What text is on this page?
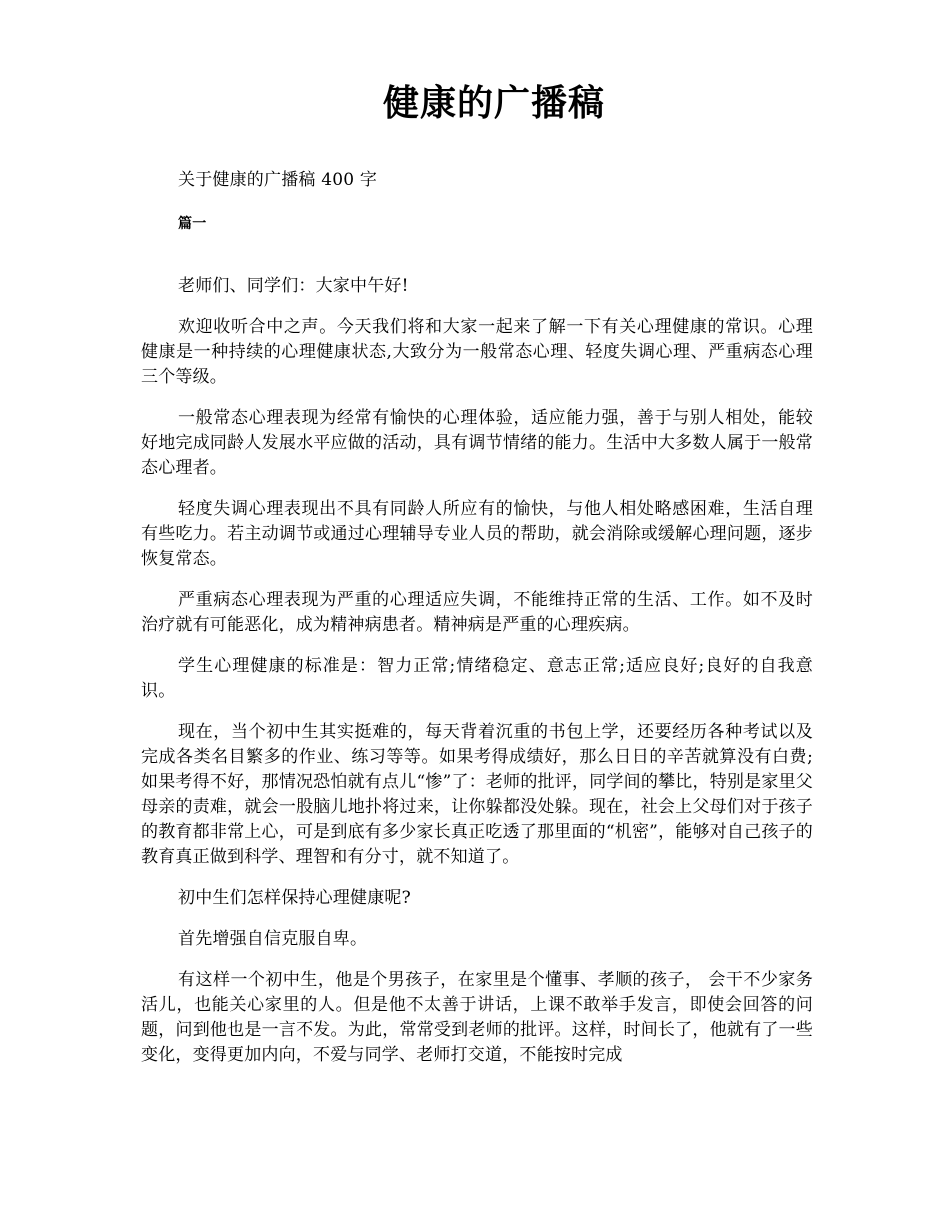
健康的广播稿

关于健康的广播稿 400 字

篇一

老师们、同学们：大家中午好!

欢迎收听合中之声。今天我们将和大家一起来了解一下有关心理健康的常识。心理健康是一种持续的心理健康状态,大致分为一般常态心理、轻度失调心理、严重病态心理三个等级。

一般常态心理表现为经常有愉快的心理体验，适应能力强，善于与别人相处，能较好地完成同龄人发展水平应做的活动，具有调节情绪的能力。生活中大多数人属于一般常态心理者。

轻度失调心理表现出不具有同龄人所应有的愉快，与他人相处略感困难，生活自理有些吃力。若主动调节或通过心理辅导专业人员的帮助，就会消除或缓解心理问题，逐步恢复常态。

严重病态心理表现为严重的心理适应失调，不能维持正常的生活、工作。如不及时治疗就有可能恶化，成为精神病患者。精神病是严重的心理疾病。

学生心理健康的标准是：智力正常;情绪稳定、意志正常;适应良好;良好的自我意识。

现在，当个初中生其实挺难的，每天背着沉重的书包上学，还要经历各种考试以及完成各类名目繁多的作业、练习等等。如果考得成绩好，那么日日的辛苦就算没有白费;如果考得不好，那情况恐怕就有点儿“惨”了：老师的批评，同学间的攀比，特别是家里父母亲的责难，就会一股脑儿地扑将过来，让你躲都没处躲。现在，社会上父母们对于孩子的教育都非常上心，可是到底有多少家长真正吃透了那里面的“机密”，能够对自己孩子的教育真正做到科学、理智和有分寸，就不知道了。

初中生们怎样保持心理健康呢?

首先增强自信克服自卑。

有这样一个初中生，他是个男孩子，在家里是个懂事、孝顺的孩子， 会干不少家务活儿，也能关心家里的人。但是他不太善于讲话，上课不敢举手发言，即使会回答的问题，问到他也是一言不发。为此，常常受到老师的批评。这样，时间长了，他就有了一些变化，变得更加内向，不爱与同学、老师打交道，不能按时完成
